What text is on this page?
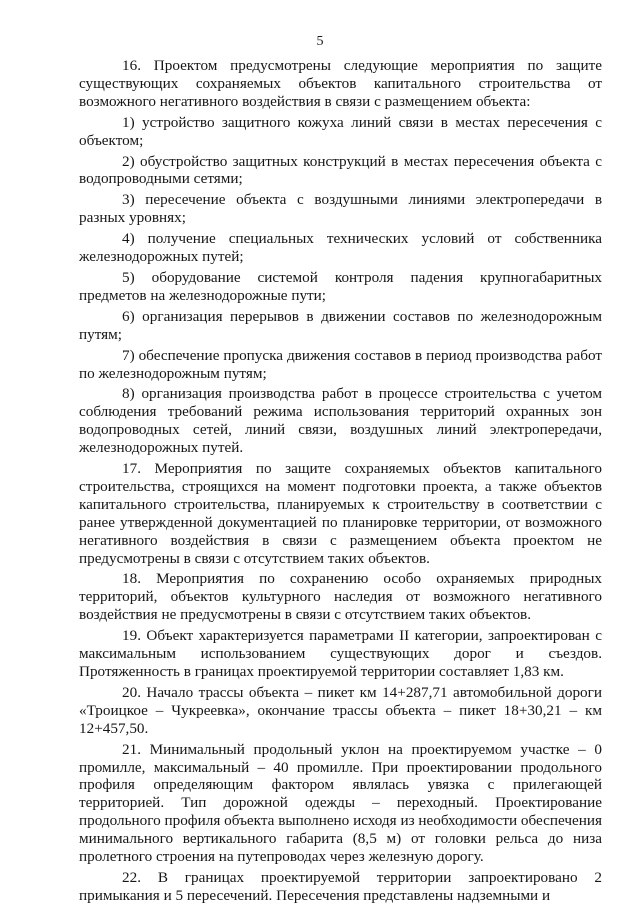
5

16. Проектом предусмотрены следующие мероприятия по защите существующих сохраняемых объектов капитального строительства от возможного негативного воздействия в связи с размещением объекта:

1) устройство защитного кожуха линий связи в местах пересечения с объектом;

2) обустройство защитных конструкций в местах пересечения объекта с водопроводными сетями;

3) пересечение объекта с воздушными линиями электропередачи в разных уровнях;

4) получение специальных технических условий от собственника железнодорожных путей;

5) оборудование системой контроля падения крупногабаритных предметов на железнодорожные пути;

6) организация перерывов в движении составов по железнодорожным путям;

7) обеспечение пропуска движения составов в период производства работ по железнодорожным путям;

8) организация производства работ в процессе строительства с учетом соблюдения требований режима использования территорий охранных зон водопроводных сетей, линий связи, воздушных линий электропередачи, железнодорожных путей.

17. Мероприятия по защите сохраняемых объектов капитального строительства, строящихся на момент подготовки проекта, а также объектов капитального строительства, планируемых к строительству в соответствии с ранее утвержденной документацией по планировке территории, от возможного негативного воздействия в связи с размещением объекта проектом не предусмотрены в связи с отсутствием таких объектов.

18. Мероприятия по сохранению особо охраняемых природных территорий, объектов культурного наследия от возможного негативного воздействия не предусмотрены в связи с отсутствием таких объектов.

19. Объект характеризуется параметрами II категории, запроектирован с максимальным использованием существующих дорог и съездов. Протяженность в границах проектируемой территории составляет 1,83 км.

20. Начало трассы объекта – пикет км 14+287,71 автомобильной дороги «Троицкое – Чукреевка», окончание трассы объекта – пикет 18+30,21 – км 12+457,50.

21. Минимальный продольный уклон на проектируемом участке – 0 промилле, максимальный – 40 промилле. При проектировании продольного профиля определяющим фактором являлась увязка с прилегающей территорией. Тип дорожной одежды – переходный. Проектирование продольного профиля объекта выполнено исходя из необходимости обеспечения минимального вертикального габарита (8,5 м) от головки рельса до низа пролетного строения на путепроводах через железную дорогу.

22. В границах проектируемой территории запроектировано 2 примыкания и 5 пересечений. Пересечения представлены надземными и
